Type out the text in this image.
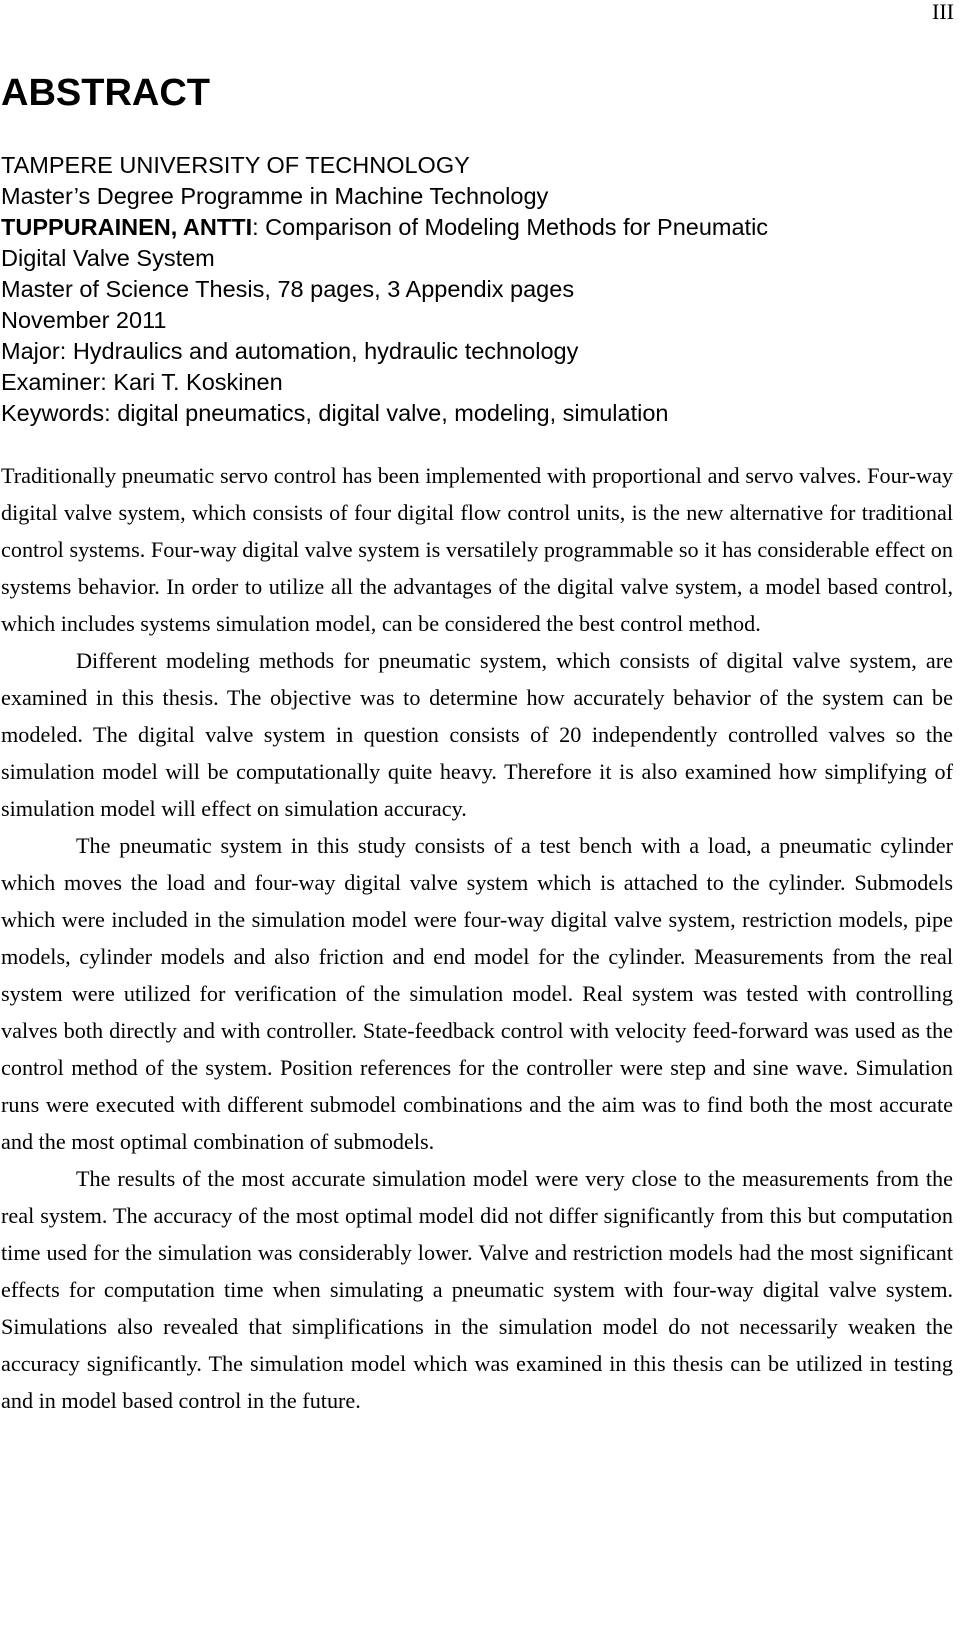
III
ABSTRACT
TAMPERE UNIVERSITY OF TECHNOLOGY
Master’s Degree Programme in Machine Technology
TUPPURAINEN, ANTTI: Comparison of Modeling Methods for Pneumatic
Digital Valve System
Master of Science Thesis, 78 pages, 3 Appendix pages
November 2011
Major: Hydraulics and automation, hydraulic technology
Examiner: Kari T. Koskinen
Keywords: digital pneumatics, digital valve, modeling, simulation

Traditionally pneumatic servo control has been implemented with proportional and servo valves. Four-way digital valve system, which consists of four digital flow control units, is the new alternative for traditional control systems. Four-way digital valve system is versatilely programmable so it has considerable effect on systems behavior. In order to utilize all the advantages of the digital valve system, a model based control, which includes systems simulation model, can be considered the best control method.

Different modeling methods for pneumatic system, which consists of digital valve system, are examined in this thesis. The objective was to determine how accurately behavior of the system can be modeled. The digital valve system in question consists of 20 independently controlled valves so the simulation model will be computationally quite heavy. Therefore it is also examined how simplifying of simulation model will effect on simulation accuracy.

The pneumatic system in this study consists of a test bench with a load, a pneumatic cylinder which moves the load and four-way digital valve system which is attached to the cylinder. Submodels which were included in the simulation model were four-way digital valve system, restriction models, pipe models, cylinder models and also friction and end model for the cylinder. Measurements from the real system were utilized for verification of the simulation model. Real system was tested with controlling valves both directly and with controller. State-feedback control with velocity feed-forward was used as the control method of the system. Position references for the controller were step and sine wave. Simulation runs were executed with different submodel combinations and the aim was to find both the most accurate and the most optimal combination of submodels.

The results of the most accurate simulation model were very close to the measurements from the real system. The accuracy of the most optimal model did not differ significantly from this but computation time used for the simulation was considerably lower. Valve and restriction models had the most significant effects for computation time when simulating a pneumatic system with four-way digital valve system. Simulations also revealed that simplifications in the simulation model do not necessarily weaken the accuracy significantly. The simulation model which was examined in this thesis can be utilized in testing and in model based control in the future.
